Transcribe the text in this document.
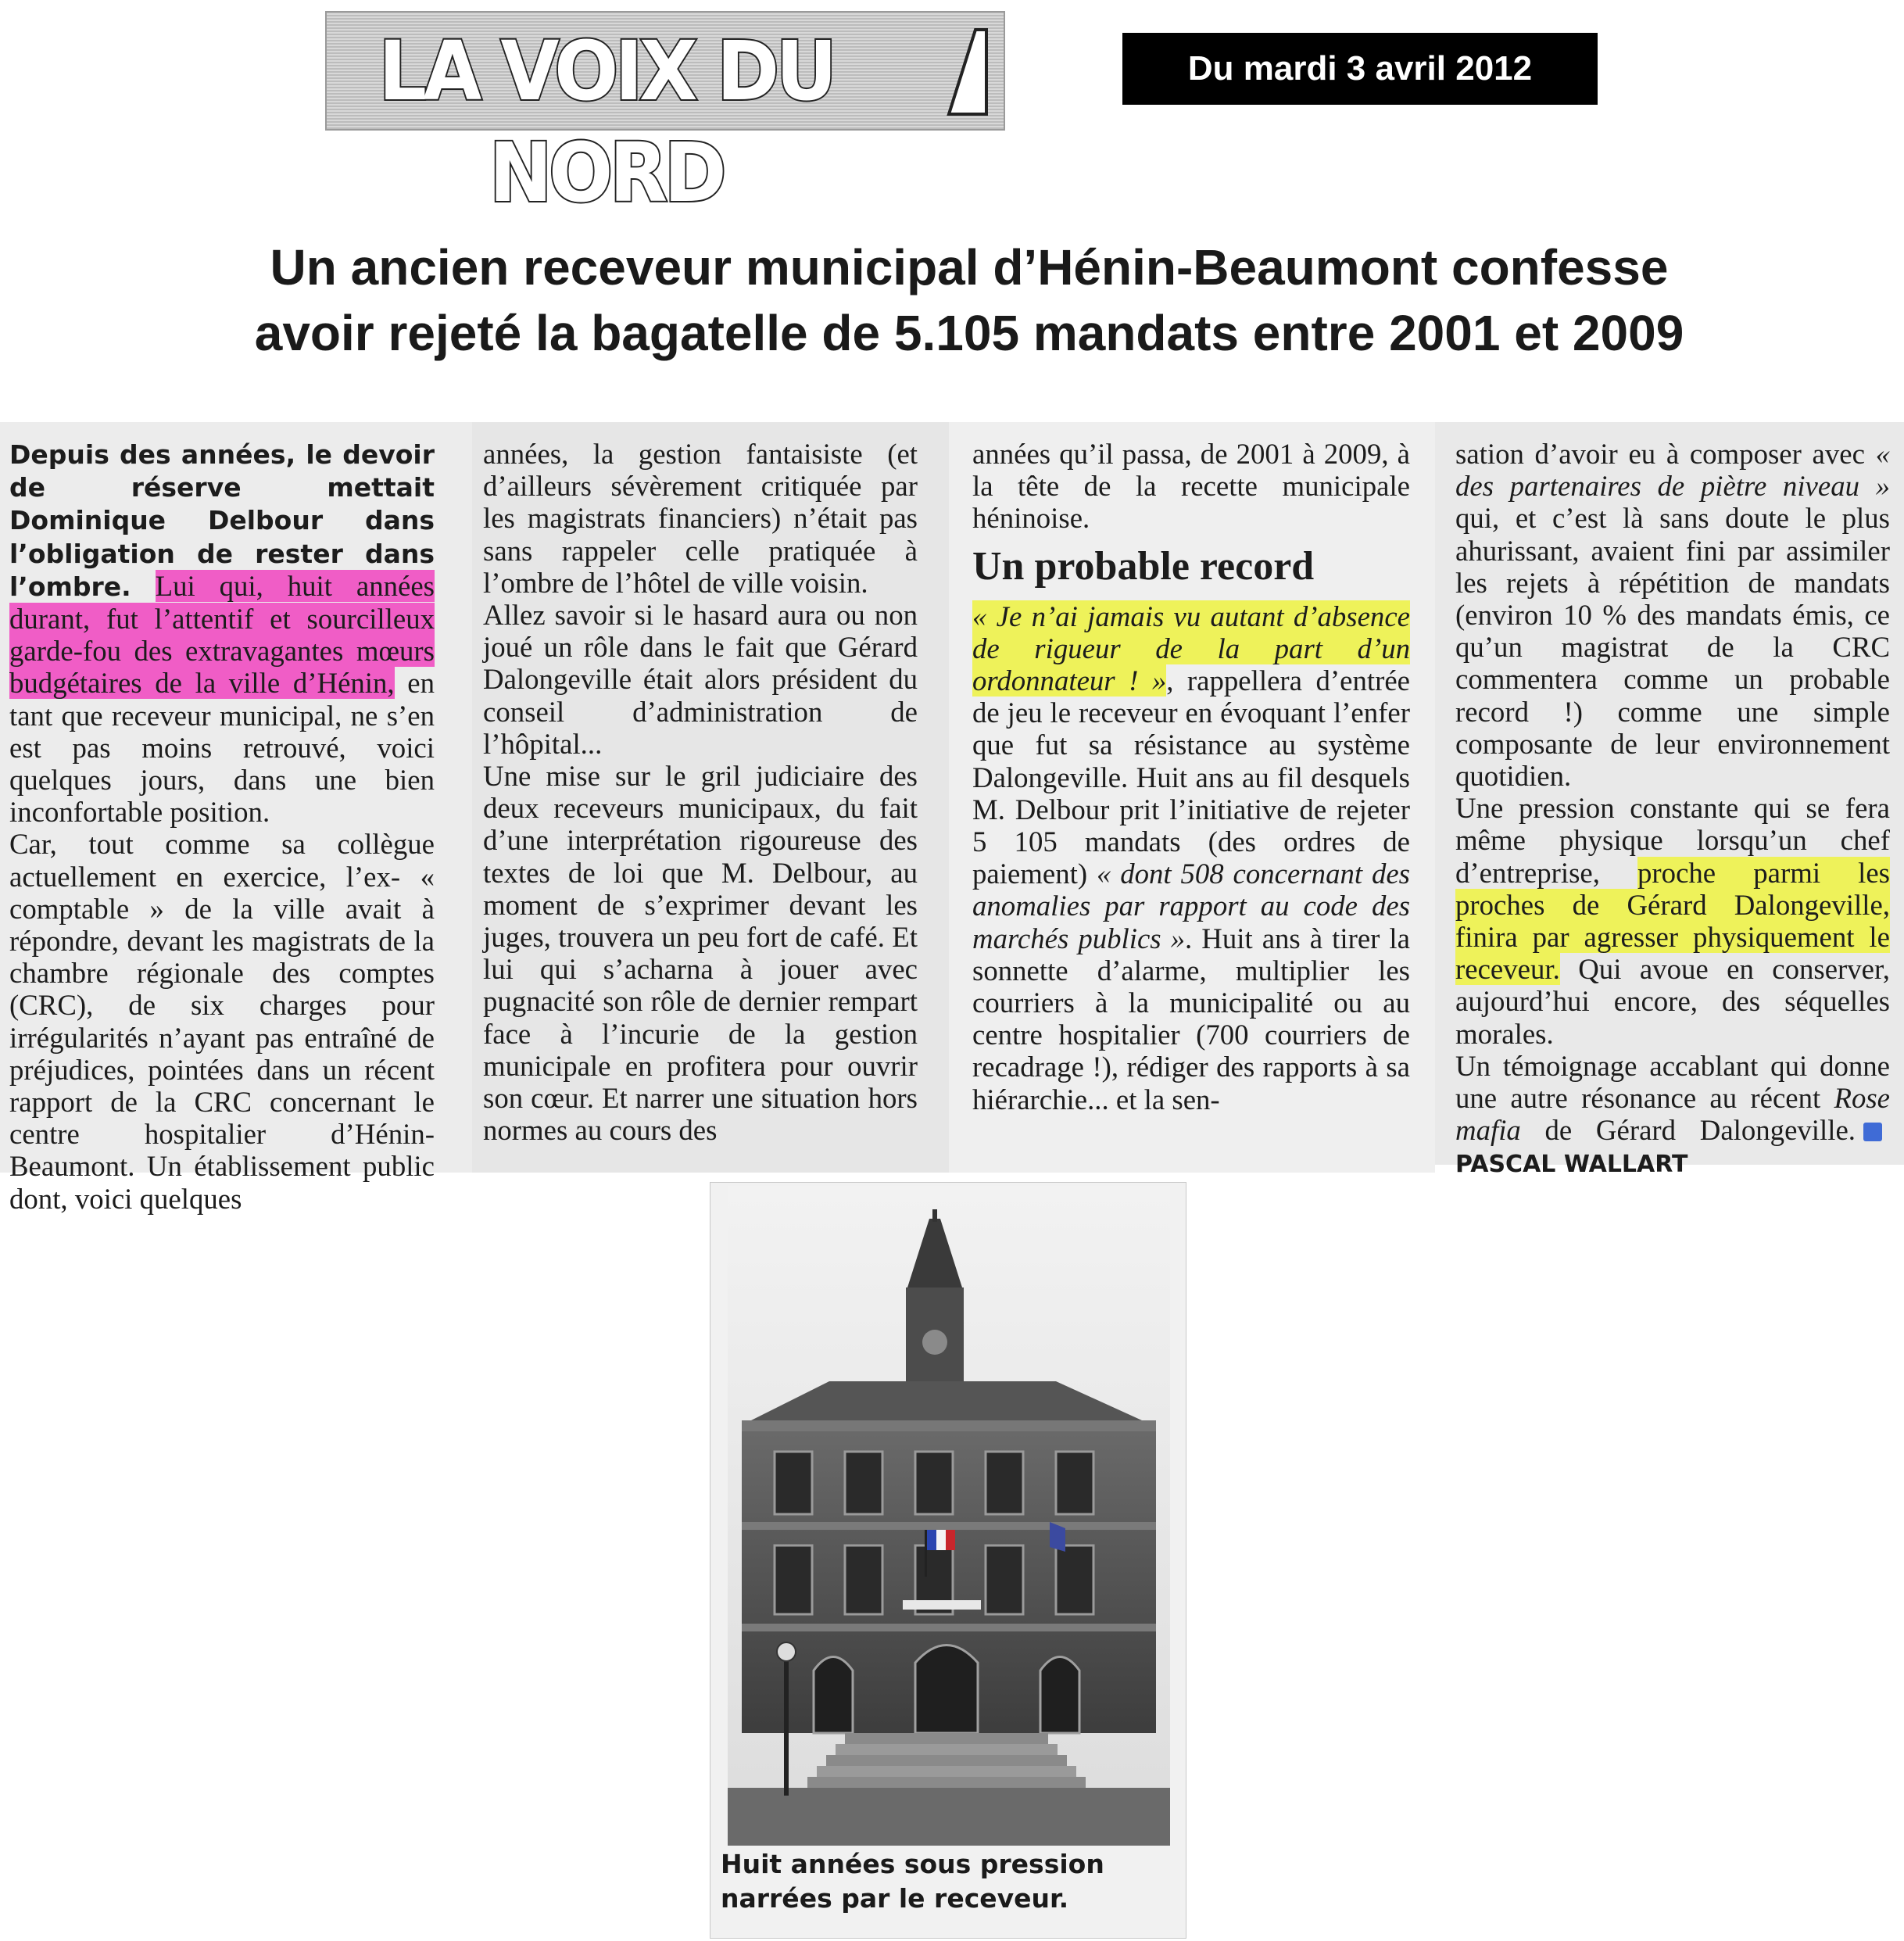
LA VOIX DU NORD
Du mardi 3 avril 2012
Un ancien receveur municipal d’Hénin-Beaumont confesse
avoir rejeté la bagatelle de 5.105 mandats entre 2001 et 2009

Depuis des années, le devoir de réserve mettait Dominique Delbour dans l’obligation de rester dans l’ombre. Lui qui, huit années durant, fut l’attentif et sourcilleux garde-fou des extravagantes mœurs budgétaires de la ville d’Hénin, en tant que receveur municipal, ne s’en est pas moins retrouvé, voici quelques jours, dans une bien inconfortable position.

Car, tout comme sa collègue actuellement en exercice, l’ex- « comptable » de la ville avait à répondre, devant les magistrats de la chambre régionale des comptes (CRC), de six charges pour irrégularités n’ayant pas entraîné de préjudices, pointées dans un récent rapport de la CRC concernant le centre hospitalier d’Hénin-Beaumont. Un établissement public dont, voici quelques

années, la gestion fantaisiste (et d’ailleurs sévèrement critiquée par les magistrats financiers) n’était pas sans rappeler celle pratiquée à l’ombre de l’hôtel de ville voisin.

Allez savoir si le hasard aura ou non joué un rôle dans le fait que Gérard Dalongeville était alors président du conseil d’administration de l’hôpital...

Une mise sur le gril judiciaire des deux receveurs municipaux, du fait d’une interprétation rigoureuse des textes de loi que M. Delbour, au moment de s’exprimer devant les juges, trouvera un peu fort de café. Et lui qui s’acharna à jouer avec pugnacité son rôle de dernier rempart face à l’incurie de la gestion municipale en profitera pour ouvrir son cœur. Et narrer une situation hors normes au cours des

années qu’il passa, de 2001 à 2009, à la tête de la recette municipale héninoise.

Un probable record

« Je n’ai jamais vu autant d’absence de rigueur de la part d’un ordonnateur ! », rappellera d’entrée de jeu le receveur en évoquant l’enfer que fut sa résistance au système Dalongeville. Huit ans au fil desquels M. Delbour prit l’initiative de rejeter 5 105 mandats (des ordres de paiement) « dont 508 concernant des anomalies par rapport au code des marchés publics ». Huit ans à tirer la sonnette d’alarme, multiplier les courriers à la municipalité ou au centre hospitalier (700 courriers de recadrage !), rédiger des rapports à sa hiérarchie... et la sen-

sation d’avoir eu à composer avec « des partenaires de piètre niveau » qui, et c’est là sans doute le plus ahurissant, avaient fini par assimiler les rejets à répétition de mandats (environ 10 % des mandats émis, ce qu’un magistrat de la CRC commentera comme un probable record !) comme une simple composante de leur environnement quotidien.

Une pression constante qui se fera même physique lorsqu’un chef d’entreprise, proche parmi les proches de Gérard Dalongeville, finira par agresser physiquement le receveur. Qui avoue en conserver, aujourd’hui encore, des séquelles morales.

Un témoignage accablant qui donne une autre résonance au récent Rose mafia de Gérard Dalongeville.PASCAL WALLART

Huit années sous pression
narrées par le receveur.
